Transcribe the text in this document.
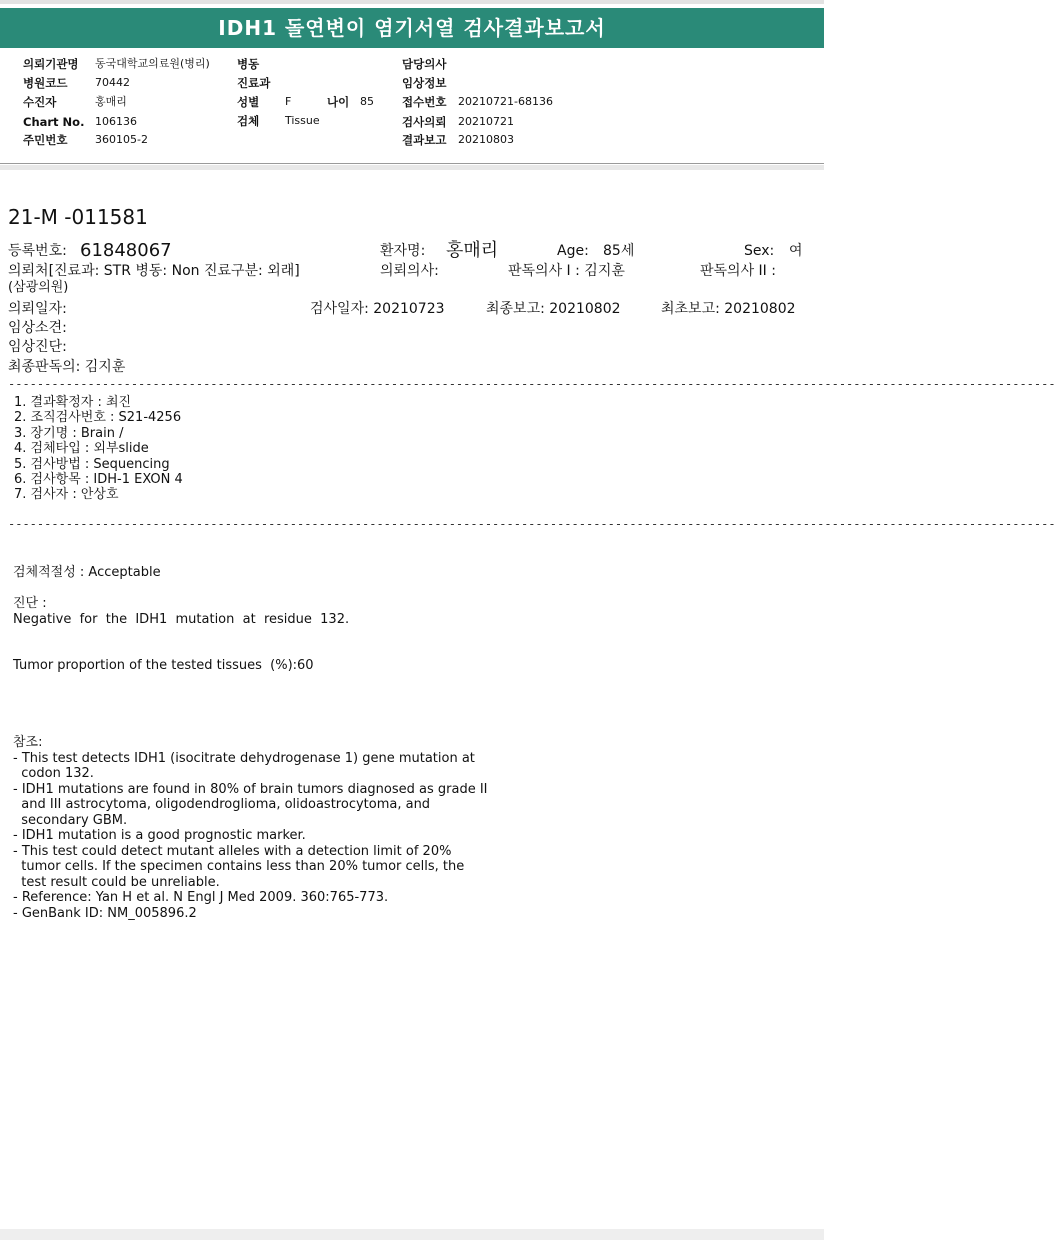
IDH1 돌연변이 염기서열 검사결과보고서
의뢰기관명 동국대학교의료원(병리) 병동	담당의사
병원코드	70442	진료과	임상정보
수진자	홍매리	성별 F	나이 85 접수번호 20210721-68136
Chart No. 106136	검체 Tissue	검사의뢰 20210721
주민번호	360105-2	결과보고 20210803
21-M -011581
등록번호: 61848067	환자명: 홍매리	Age: 85세	Sex: 여
의뢰처[진료과: STR 병동: Non 진료구분: 외래]	의뢰의사:	판독의사 I : 김지훈	판독의사 II :
(삼광의원)
의뢰일자:	검사일자: 20210723	최종보고: 20210802	최초보고: 20210802
임상소견:
임상진단:
최종판독의: 김지훈
-------------------------------------------------------------------------------------------------------------------------------------------------
1. 결과확정자 : 최진
2. 조직검사번호 : S21-4256
3. 장기명 : Brain /
4. 검체타입 : 외부slide
5. 검사방법 : Sequencing
6. 검사항목 : IDH-1 EXON 4
7. 검사자 : 안상호
-------------------------------------------------------------------------------------------------------------------------------------------------
검체적절성 : Acceptable
진단 :
Negative  for  the  IDH1  mutation  at  residue  132.
Tumor proportion of the tested tissues  (%):60
참조:
- This test detects IDH1 (isocitrate dehydrogenase 1) gene mutation at
codon 132.
- IDH1 mutations are found in 80% of brain tumors diagnosed as grade II
and III astrocytoma, oligodendroglioma, olidoastrocytoma, and
secondary GBM.
- IDH1 mutation is a good prognostic marker.
- This test could detect mutant alleles with a detection limit of 20%
tumor cells. If the specimen contains less than 20% tumor cells, the
test result could be unreliable.
- Reference: Yan H et al. N Engl J Med 2009. 360:765-773.
- GenBank ID: NM_005896.2
